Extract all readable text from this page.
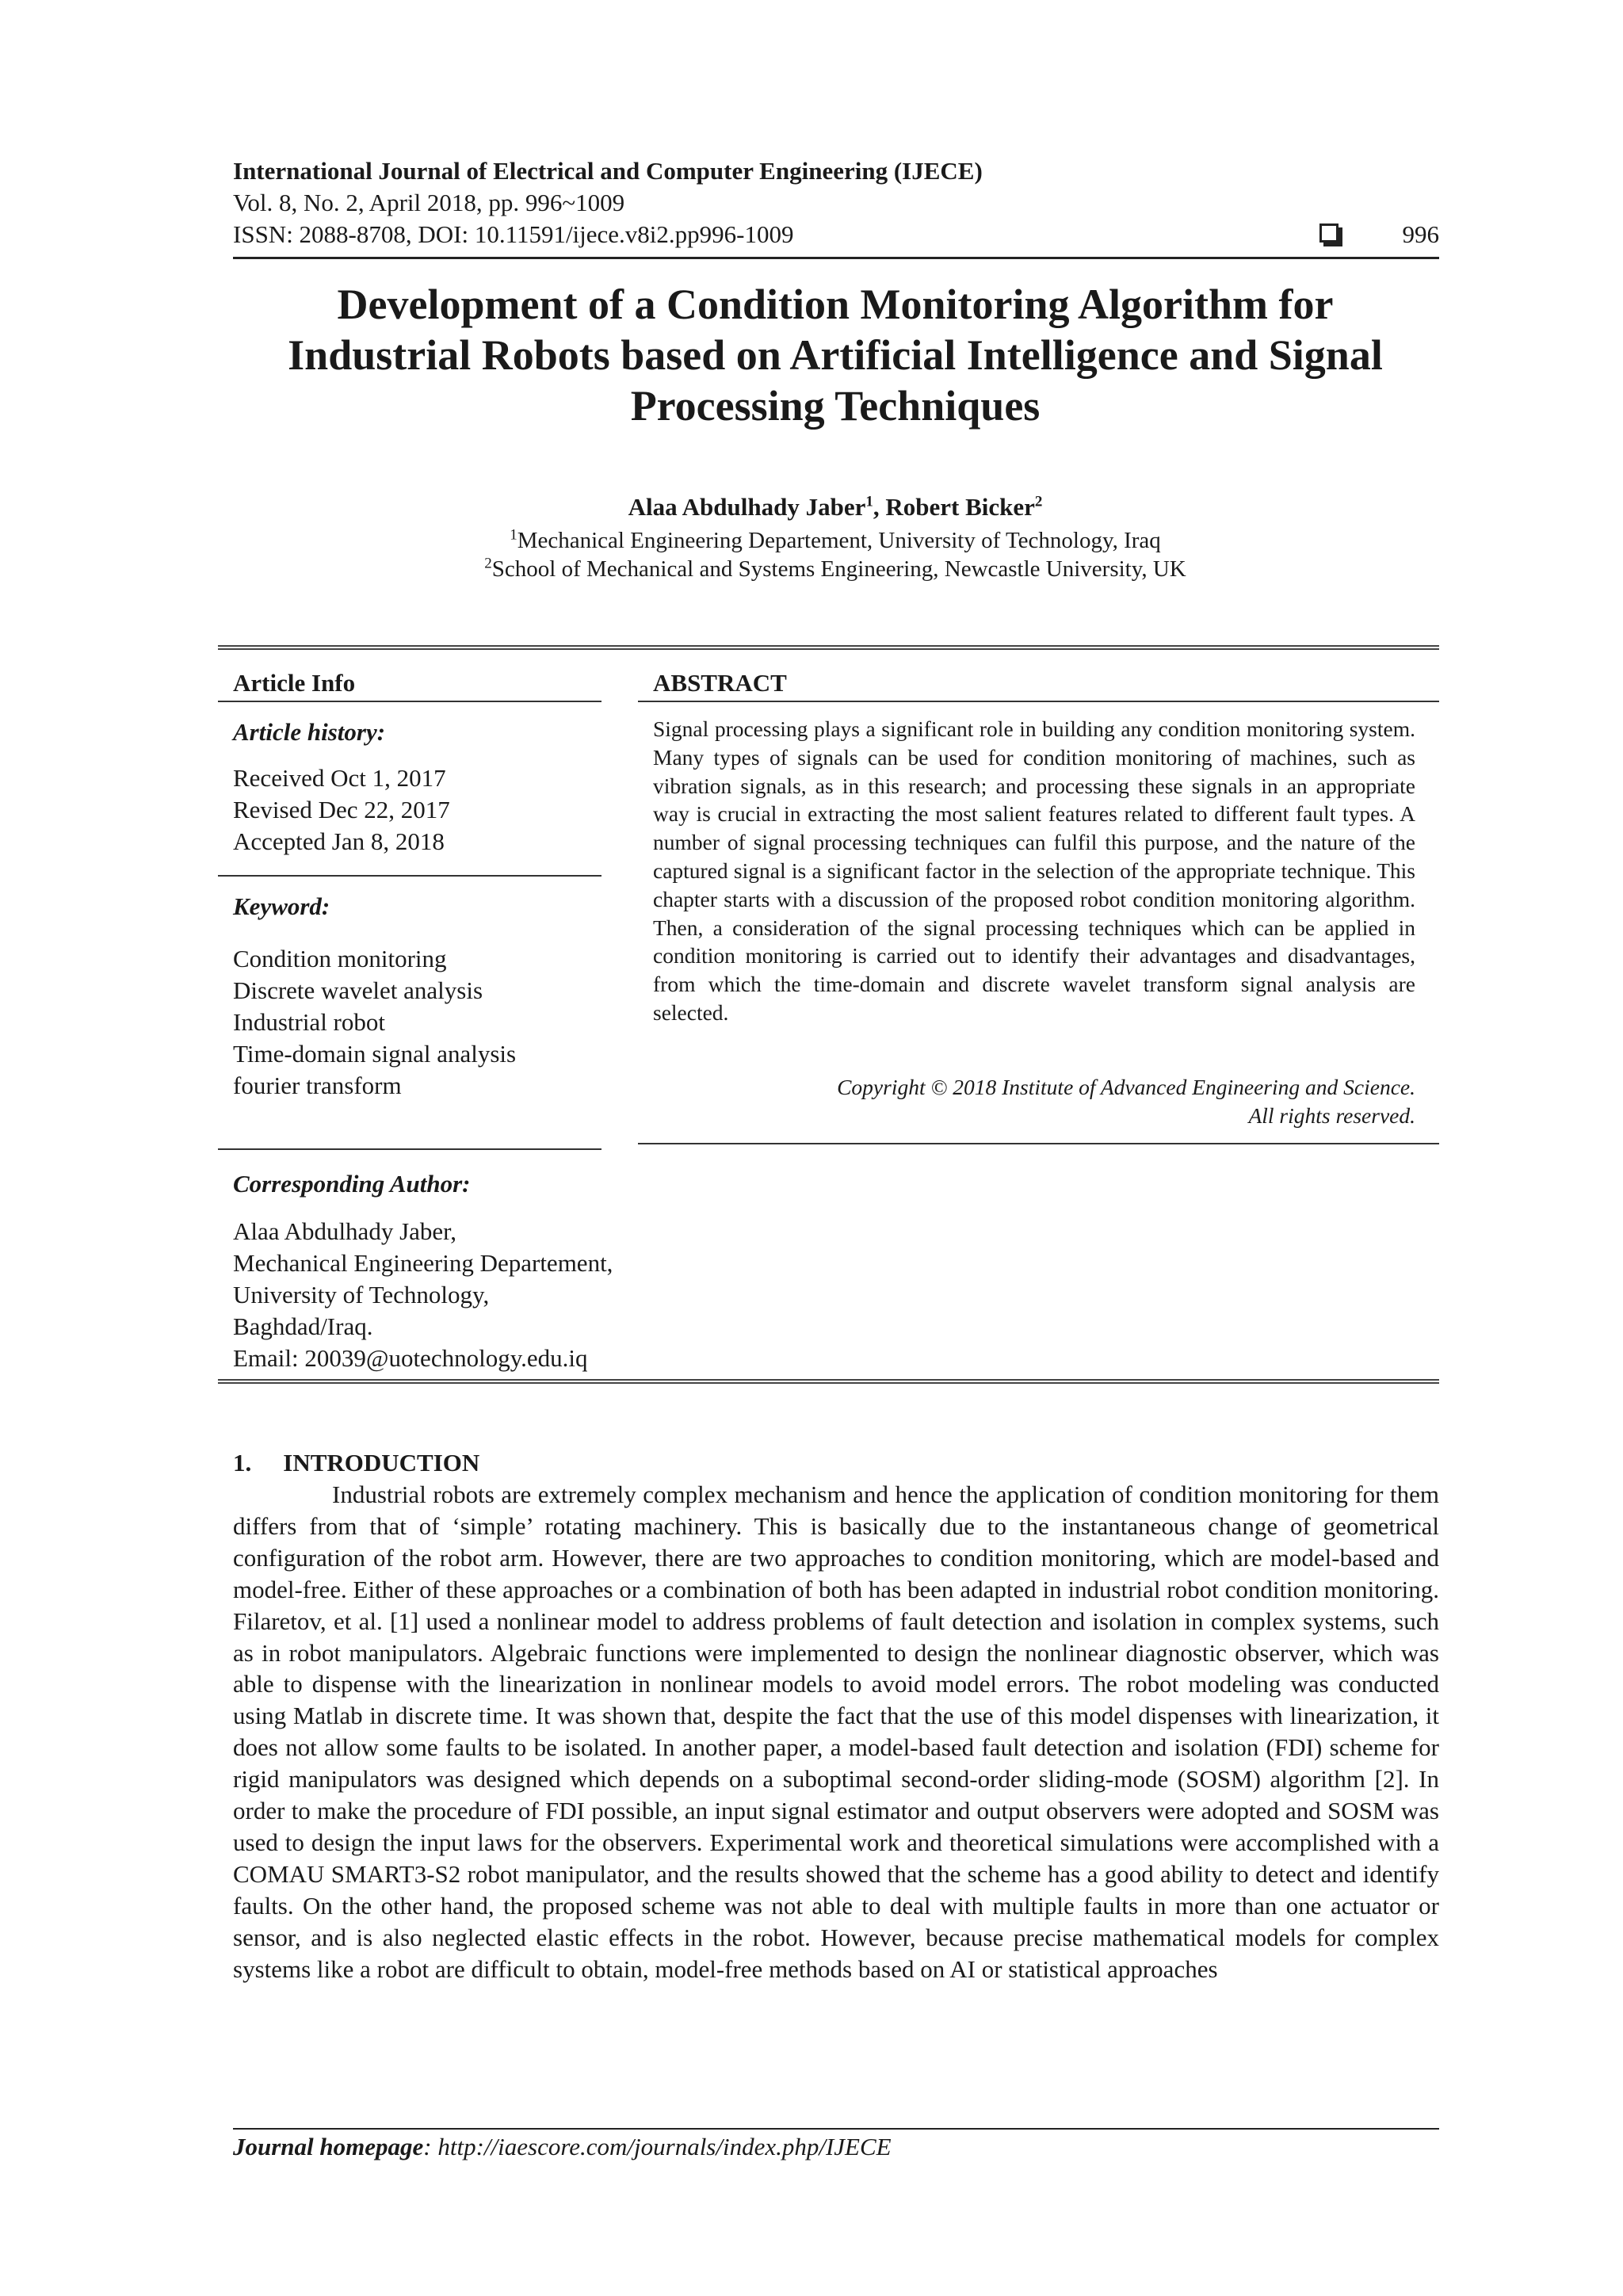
International Journal of Electrical and Computer Engineering (IJECE)
Vol. 8, No. 2, April 2018, pp. 996~1009
ISSN: 2088-8708, DOI: 10.11591/ijece.v8i2.pp996-1009	996
Development of a Condition Monitoring Algorithm for
Industrial Robots based on Artificial Intelligence and Signal
Processing Techniques
Alaa Abdulhady Jaber$^1$, Robert Bicker$^2$
$^1$Mechanical Engineering Departement, University of Technology, Iraq
$^2$School of Mechanical and Systems Engineering, Newcastle University, UK
Article Info
Article history:
Received Oct 1, 2017
Revised Dec 22, 2017
Accepted Jan 8, 2018
Keyword:
Condition monitoring
Discrete wavelet analysis
Industrial robot
Time-domain signal analysis
fourier transform
Corresponding Author:
Alaa Abdulhady Jaber,
Mechanical Engineering Departement,
University of Technology,
Baghdad/Iraq.
Email: 20039@uotechnology.edu.iq
ABSTRACT
Signal processing plays a significant role in building any condition monitoring system. Many types of signals can be used for condition monitoring of machines, such as vibration signals, as in this research; and processing these signals in an appropriate way is crucial in extracting the most salient features related to different fault types. A number of signal processing techniques can fulfil this purpose, and the nature of the captured signal is a significant factor in the selection of the appropriate technique. This chapter starts with a discussion of the proposed robot condition monitoring algorithm. Then, a consideration of the signal processing techniques which can be applied in condition monitoring is carried out to identify their advantages and disadvantages, from which the time-domain and discrete wavelet transform signal analysis are selected.
Copyright © 2018 Institute of Advanced Engineering and Science.
All rights reserved.
1. INTRODUCTION

Industrial robots are extremely complex mechanism and hence the application of condition monitoring for them differs from that of ‘simple’ rotating machinery. This is basically due to the instantaneous change of geometrical configuration of the robot arm. However, there are two approaches to condition monitoring, which are model-based and model-free. Either of these approaches or a combination of both has been adapted in industrial robot condition monitoring. Filaretov, et al. [1] used a nonlinear model to address problems of fault detection and isolation in complex systems, such as in robot manipulators. Algebraic functions were implemented to design the nonlinear diagnostic observer, which was able to dispense with the linearization in nonlinear models to avoid model errors. The robot modeling was conducted using Matlab in discrete time. It was shown that, despite the fact that the use of this model dispenses with linearization, it does not allow some faults to be isolated. In another paper, a model-based fault detection and isolation (FDI) scheme for rigid manipulators was designed which depends on a suboptimal second-order sliding-mode (SOSM) algorithm [2]. In order to make the procedure of FDI possible, an input signal estimator and output observers were adopted and SOSM was used to design the input laws for the observers. Experimental work and theoretical simulations were accomplished with a COMAU SMART3-S2 robot manipulator, and the results showed that the scheme has a good ability to detect and identify faults. On the other hand, the proposed scheme was not able to deal with multiple faults in more than one actuator or sensor, and is also neglected elastic effects in the robot. However, because precise mathematical models for complex systems like a robot are difficult to obtain, model-free methods based on AI or statistical approaches

Journal homepage: http://iaescore.com/journals/index.php/IJECE
